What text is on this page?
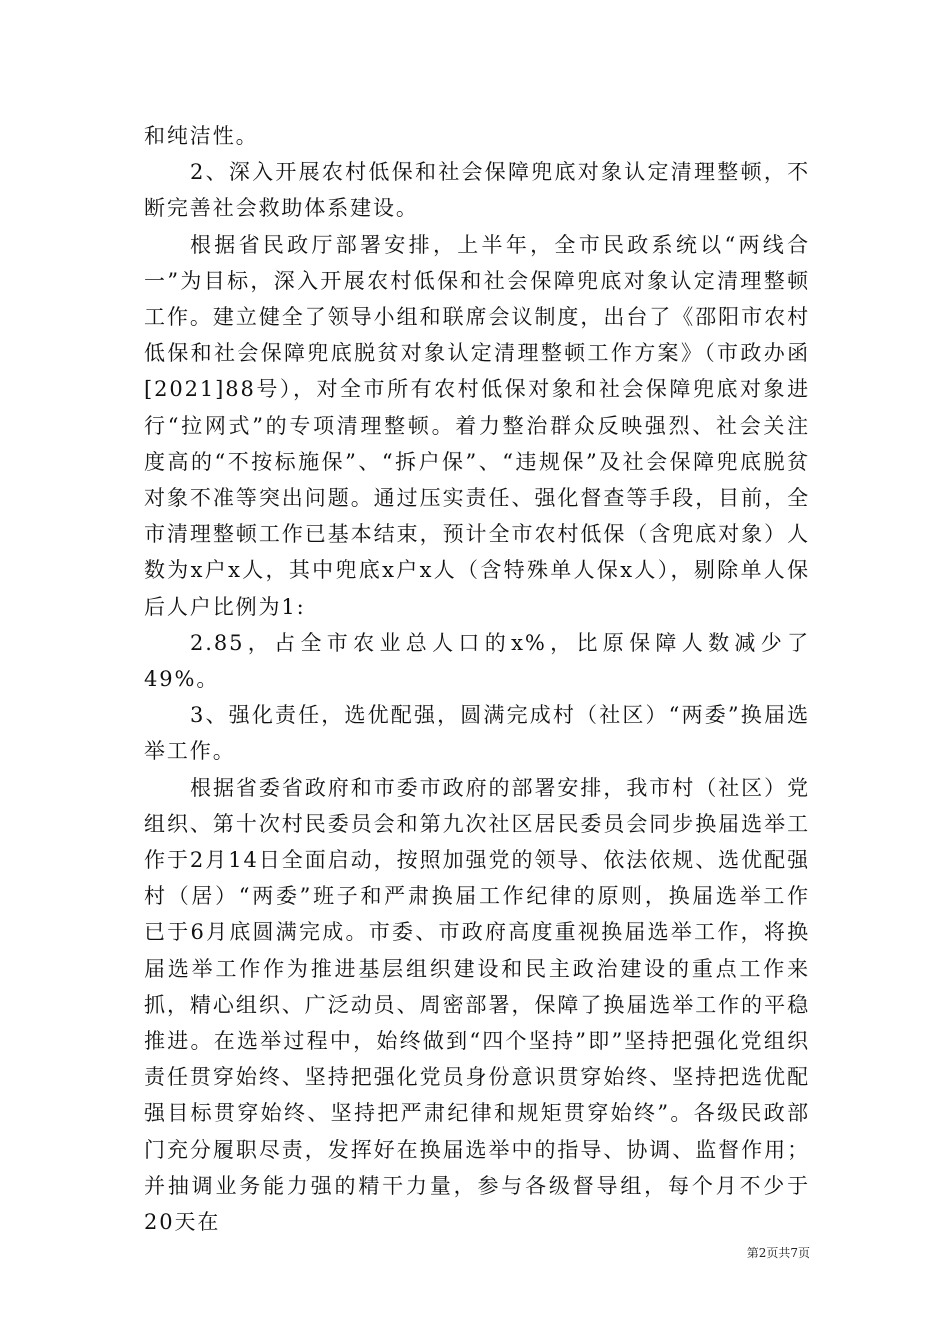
和纯洁性。

2、深入开展农村低保和社会保障兜底对象认定清理整顿，不断完善社会救助体系建设。

根据省民政厅部署安排，上半年，全市民政系统以“两线合一”为目标，深入开展农村低保和社会保障兜底对象认定清理整顿工作。建立健全了领导小组和联席会议制度，出台了《邵阳市农村低保和社会保障兜底脱贫对象认定清理整顿工作方案》（市政办函[2021]88号），对全市所有农村低保对象和社会保障兜底对象进行“拉网式”的专项清理整顿。着力整治群众反映强烈、社会关注度高的“不按标施保”、“拆户保”、“违规保”及社会保障兜底脱贫对象不准等突出问题。通过压实责任、强化督查等手段，目前，全市清理整顿工作已基本结束，预计全市农村低保（含兜底对象）人数为x户x人，其中兜底x户x人（含特殊单人保x人），剔除单人保后人户比例为1:

2.85，占全市农业总人口的x%，比原保障人数减少了49%。

3、强化责任，选优配强，圆满完成村（社区）“两委”换届选举工作。

根据省委省政府和市委市政府的部署安排，我市村（社区）党组织、第十次村民委员会和第九次社区居民委员会同步换届选举工作于2月14日全面启动，按照加强党的领导、依法依规、选优配强村（居）“两委”班子和严肃换届工作纪律的原则，换届选举工作已于6月底圆满完成。市委、市政府高度重视换届选举工作，将换届选举工作作为推进基层组织建设和民主政治建设的重点工作来抓，精心组织、广泛动员、周密部署，保障了换届选举工作的平稳推进。在选举过程中，始终做到“四个坚持”即”坚持把强化党组织责任贯穿始终、坚持把强化党员身份意识贯穿始终、坚持把选优配强目标贯穿始终、坚持把严肃纪律和规矩贯穿始终”。各级民政部门充分履职尽责，发挥好在换届选举中的指导、协调、监督作用；并抽调业务能力强的精干力量，参与各级督导组，每个月不少于20天在

第2页共7页
